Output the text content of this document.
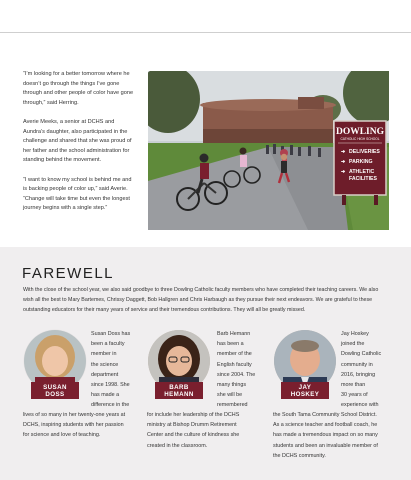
“I’m looking for a better tomorrow where he doesn’t go through the things I’ve gone through and other people of color have gone through,” said Herring.

Averie Meeks, a senior at DCHS and Aundra’s daughter, also participated in the challenge and shared that she was proud of her father and the school administration for standing behind the movement.

“I want to know my school is behind me and is backing people of color up,” said Averie. “Change will take time but even the longest journey begins with a single step.”

DOWLING
CATHOLIC HIGH SCHOOL
➔ DELIVERIES
➔ PARKING
➔ ATHLETIC
FACILITIES
FAREWELL
With the close of the school year, we also said goodbye to three Dowling Catholic faculty members who have completed their teaching careers. We also wish all the best to Mary Bartemes, Chrissy Daggett, Bob Hallgren and Chris Harbaugh as they pursue their next endeavors. We are grateful to these outstanding educators for their many years of service and their tremendous contributions. They will all be greatly missed.
SUSAN
DOSS
Susan Doss has
been a faculty
member in
the science
department
since 1998. She
has made a
difference in the
lives of so many in her twenty-one years at
DCHS, inspiring students with her passion
for science and love of teaching.
BARB
HEMANN
Barb Hemann
has been a
member of the
English faculty
since 2004. The
many things
she will be
remembered
for include her leadership of the DCHS
ministry at Bishop Drumm Retirement
Center and the culture of kindness she
created in the classroom.
JAY
HOSKEY
Jay Hoskey
joined the
Dowling Catholic
community in
2016, bringing
more than
30 years of
experience with
the South Tama Community School District.
As a science teacher and football coach, he
has made a tremendous impact on so many
students and been an invaluable member of
the DCHS community.
